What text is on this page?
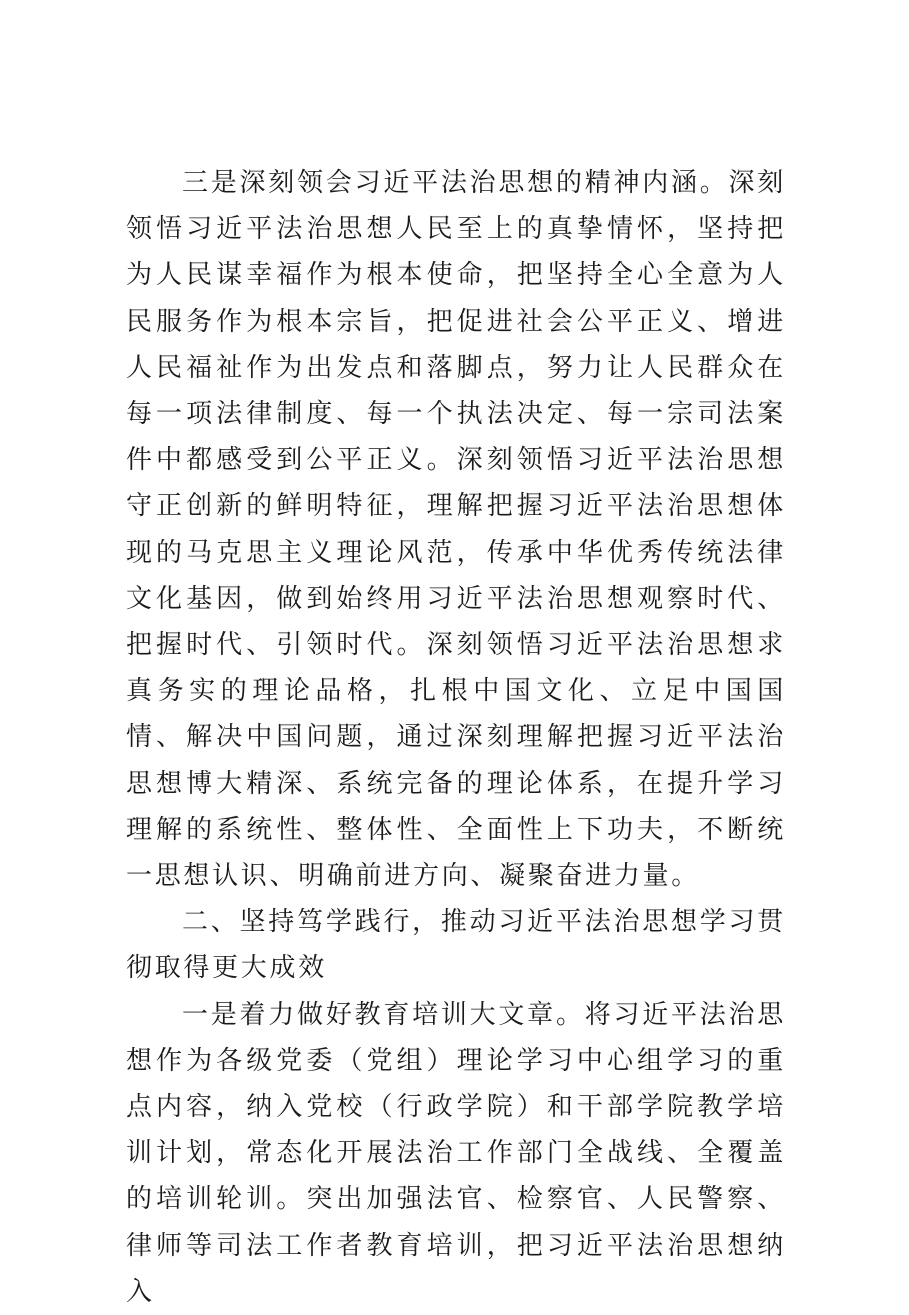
三是深刻领会习近平法治思想的精神内涵。深刻领悟习近平法治思想人民至上的真挚情怀，坚持把为人民谋幸福作为根本使命，把坚持全心全意为人民服务作为根本宗旨，把促进社会公平正义、增进人民福祉作为出发点和落脚点，努力让人民群众在每一项法律制度、每一个执法决定、每一宗司法案件中都感受到公平正义。深刻领悟习近平法治思想守正创新的鲜明特征，理解把握习近平法治思想体现的马克思主义理论风范，传承中华优秀传统法律文化基因，做到始终用习近平法治思想观察时代、把握时代、引领时代。深刻领悟习近平法治思想求真务实的理论品格，扎根中国文化、立足中国国情、解决中国问题，通过深刻理解把握习近平法治思想博大精深、系统完备的理论体系，在提升学习理解的系统性、整体性、全面性上下功夫，不断统一思想认识、明确前进方向、凝聚奋进力量。

二、坚持笃学践行，推动习近平法治思想学习贯彻取得更大成效

一是着力做好教育培训大文章。将习近平法治思想作为各级党委（党组）理论学习中心组学习的重点内容，纳入党校（行政学院）和干部学院教学培训计划，常态化开展法治工作部门全战线、全覆盖的培训轮训。突出加强法官、检察官、人民警察、律师等司法工作者教育培训，把习近平法治思想纳入
